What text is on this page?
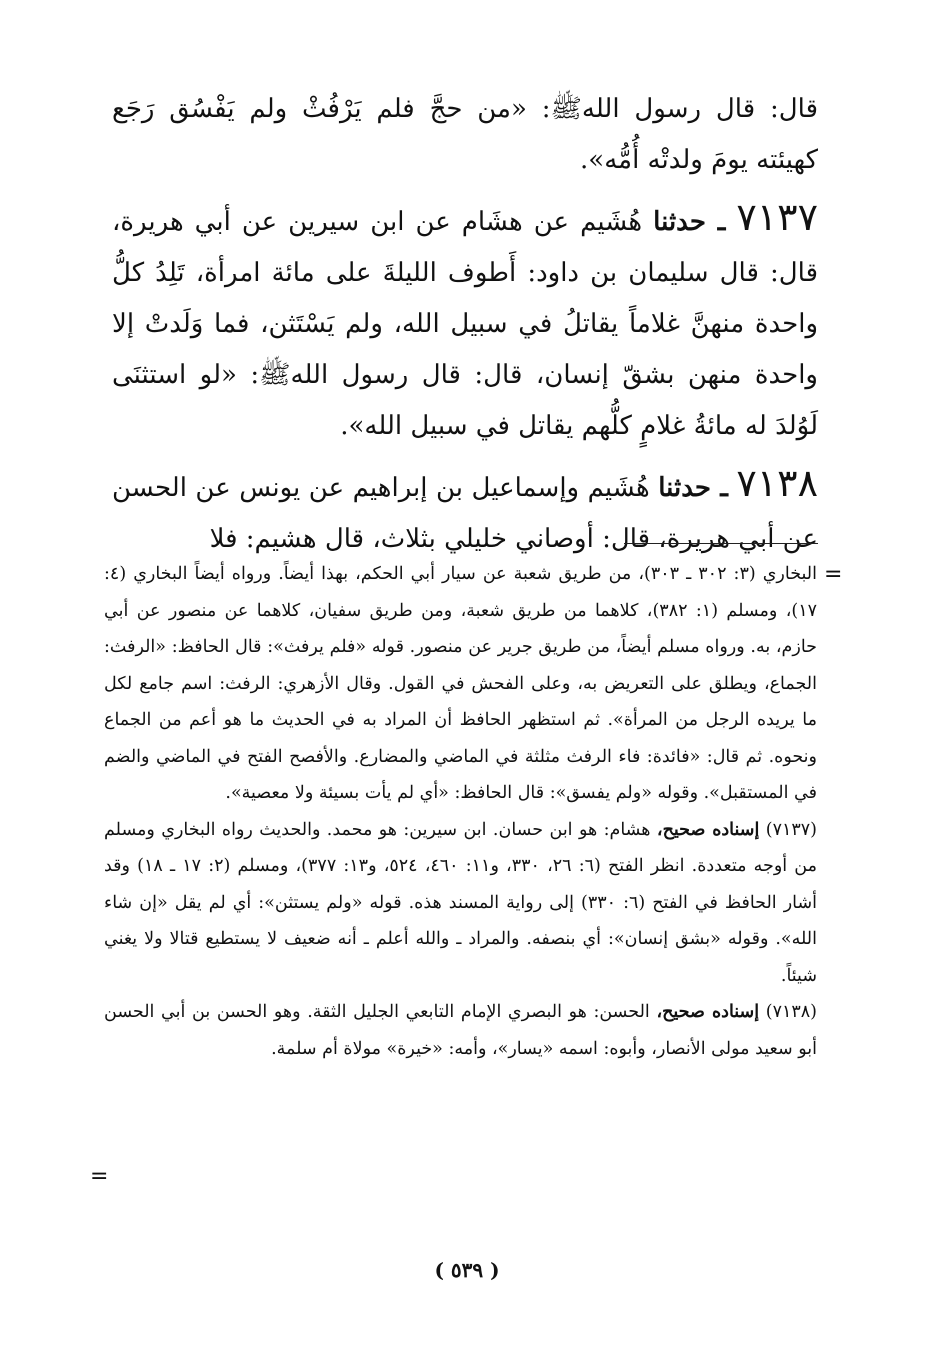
قال: قال رسول اللهﷺ: «من حجَّ فلم يَرْفُثْ ولم يَفْسُق رَجَع كهيئته يومَ ولدتْه أُمُّه».

٧١٣٧ ـ حدثنا هُشَيم عن هشَام عن ابن سيرين عن أبي هريرة، قال: قال سليمان بن داود: أَطوف الليلةَ على مائة امرأة، تَلِدُ كلُّ واحدة منهنَّ غلاماً يقاتلُ في سبيل الله، ولم يَسْتَثن، فما وَلَدتْ إلا واحدة منهن بشقّ إنسان، قال: قال رسول اللهﷺ: «لو استثنَى لَوُلدَ له مائةُ غلامٍ كلُّهم يقاتل في سبيل الله».

٧١٣٨ ـ حدثنا هُشَيم وإسماعيل بن إبراهيم عن يونس عن الحسن عن أبي هريرة، قال: أوصاني خليلي بثلاث، قال هشيم: فلا

=

البخاري (٣: ٣٠٢ ـ ٣٠٣)، من طريق شعبة عن سيار أبي الحكم، بهذا أيضاً. ورواه أيضاً البخاري (٤: ١٧)، ومسلم (١: ٣٨٢)، كلاهما من طريق شعبة، ومن طريق سفيان، كلاهما عن منصور عن أبي حازم، به. ورواه مسلم أيضاً، من طريق جرير عن منصور. قوله «فلم يرفث»: قال الحافظ: «الرفث: الجماع، ويطلق على التعريض به، وعلى الفحش في القول. وقال الأزهري: الرفث: اسم جامع لكل ما يريده الرجل من المرأة». ثم استظهر الحافظ أن المراد به في الحديث ما هو أعم من الجماع ونحوه. ثم قال: «فائدة: فاء الرفث مثلثة في الماضي والمضارع. والأفصح الفتح في الماضي والضم في المستقبل». وقوله «ولم يفسق»: قال الحافظ: «أي لم يأت بسيئة ولا معصية».

(٧١٣٧) إسناده صحيح، هشام: هو ابن حسان. ابن سيرين: هو محمد. والحديث رواه البخاري ومسلم من أوجه متعددة. انظر الفتح (٦: ٢٦، ٣٣٠، و١١: ٤٦٠، ٥٢٤، و١٣: ٣٧٧)، ومسلم (٢: ١٧ ـ ١٨) وقد أشار الحافظ في الفتح (٦: ٣٣٠) إلى رواية المسند هذه. قوله «ولم يستثن»: أي لم يقل «إن شاء الله». وقوله «بشق إنسان»: أي بنصفه. والمراد ـ والله أعلم ـ أنه ضعيف لا يستطيع قتالا ولا يغني شيئاً.

(٧١٣٨) إسناده صحيح، الحسن: هو البصري الإمام التابعي الجليل الثقة. وهو الحسن بن أبي الحسن أبو سعيد مولى الأنصار، وأبوه: اسمه «يسار»، وأمه: «خيرة» مولاة أم سلمة.

=
( ٥٣٩ )
